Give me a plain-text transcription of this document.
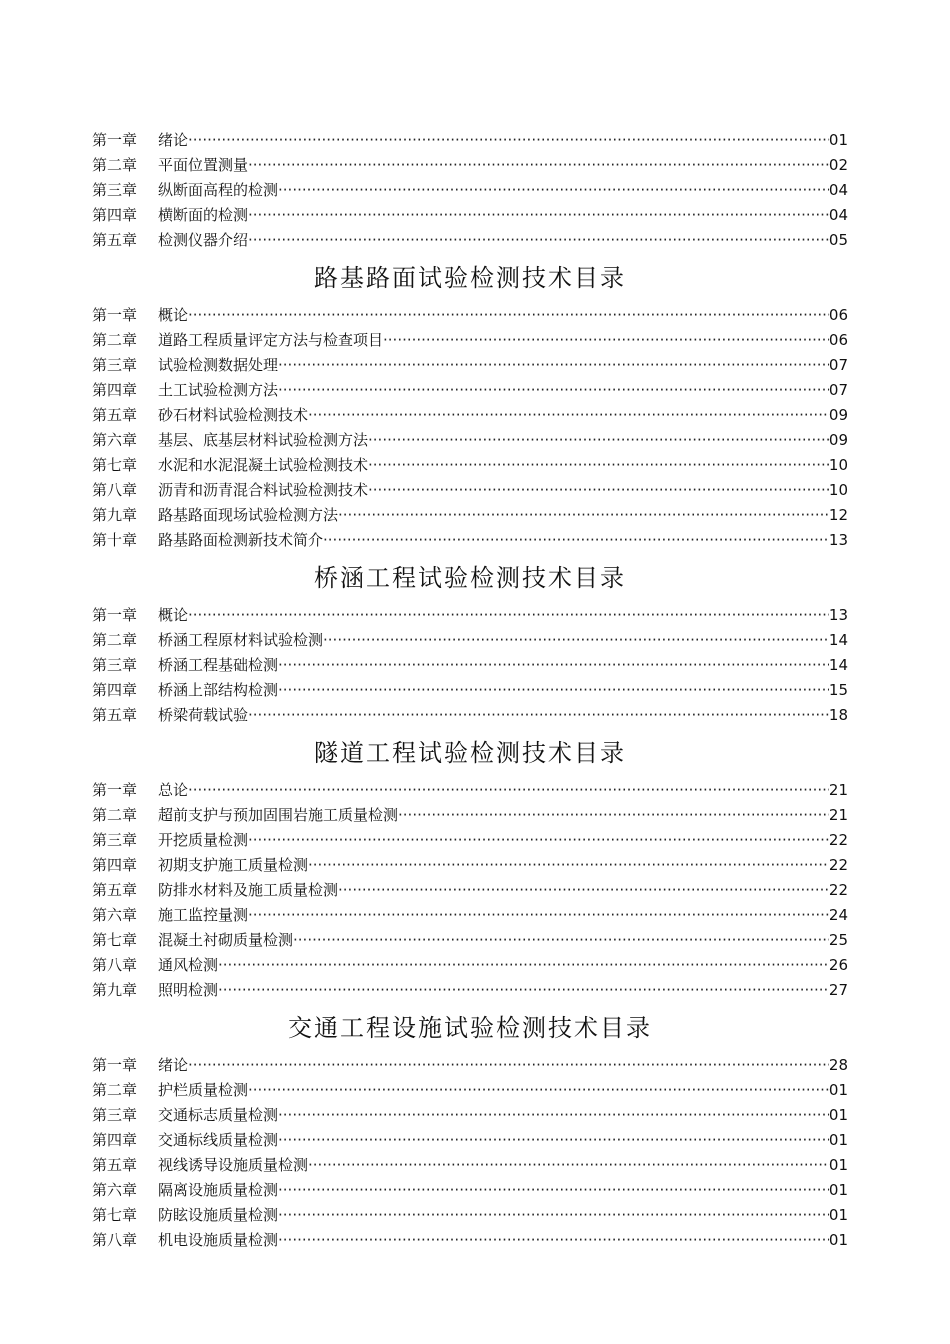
第一章	绪论 ·····	01
第二章	平面位置测量 ·····	02
第三章	纵断面高程的检测 ·····	04
第四章	横断面的检测 ·····	04
第五章	检测仪器介绍 ·····	05
路基路面试验检测技术目录
第一章	概论 ·····	06
第二章	道路工程质量评定方法与检查项目 ·····	06
第三章	试验检测数据处理 ·····	07
第四章	土工试验检测方法 ·····	07
第五章	砂石材料试验检测技术 ·····	09
第六章	基层、底基层材料试验检测方法 ·····	09
第七章	水泥和水泥混凝土试验检测技术 ·····	10
第八章	沥青和沥青混合料试验检测技术 ·····	10
第九章	路基路面现场试验检测方法 ·····	12
第十章	路基路面检测新技术简介 ·····	13
桥涵工程试验检测技术目录
第一章	概论 ·····	13
第二章	桥涵工程原材料试验检测 ·····	14
第三章	桥涵工程基础检测 ·····	14
第四章	桥涵上部结构检测 ·····	15
第五章	桥梁荷载试验 ·····	18
隧道工程试验检测技术目录
第一章	总论 ·····	21
第二章	超前支护与预加固围岩施工质量检测 ·····	21
第三章	开挖质量检测 ·····	22
第四章	初期支护施工质量检测 ·····	22
第五章	防排水材料及施工质量检测 ·····	22
第六章	施工监控量测 ·····	24
第七章	混凝土衬砌质量检测 ·····	25
第八章	通风检测 ·····	26
第九章	照明检测 ·····	27
交通工程设施试验检测技术目录
第一章	绪论 ·····	28
第二章	护栏质量检测 ·····	01
第三章	交通标志质量检测 ·····	01
第四章	交通标线质量检测 ·····	01
第五章	视线诱导设施质量检测 ·····	01
第六章	隔离设施质量检测 ·····	01
第七章	防眩设施质量检测 ·····	01
第八章	机电设施质量检测 ·····	01
